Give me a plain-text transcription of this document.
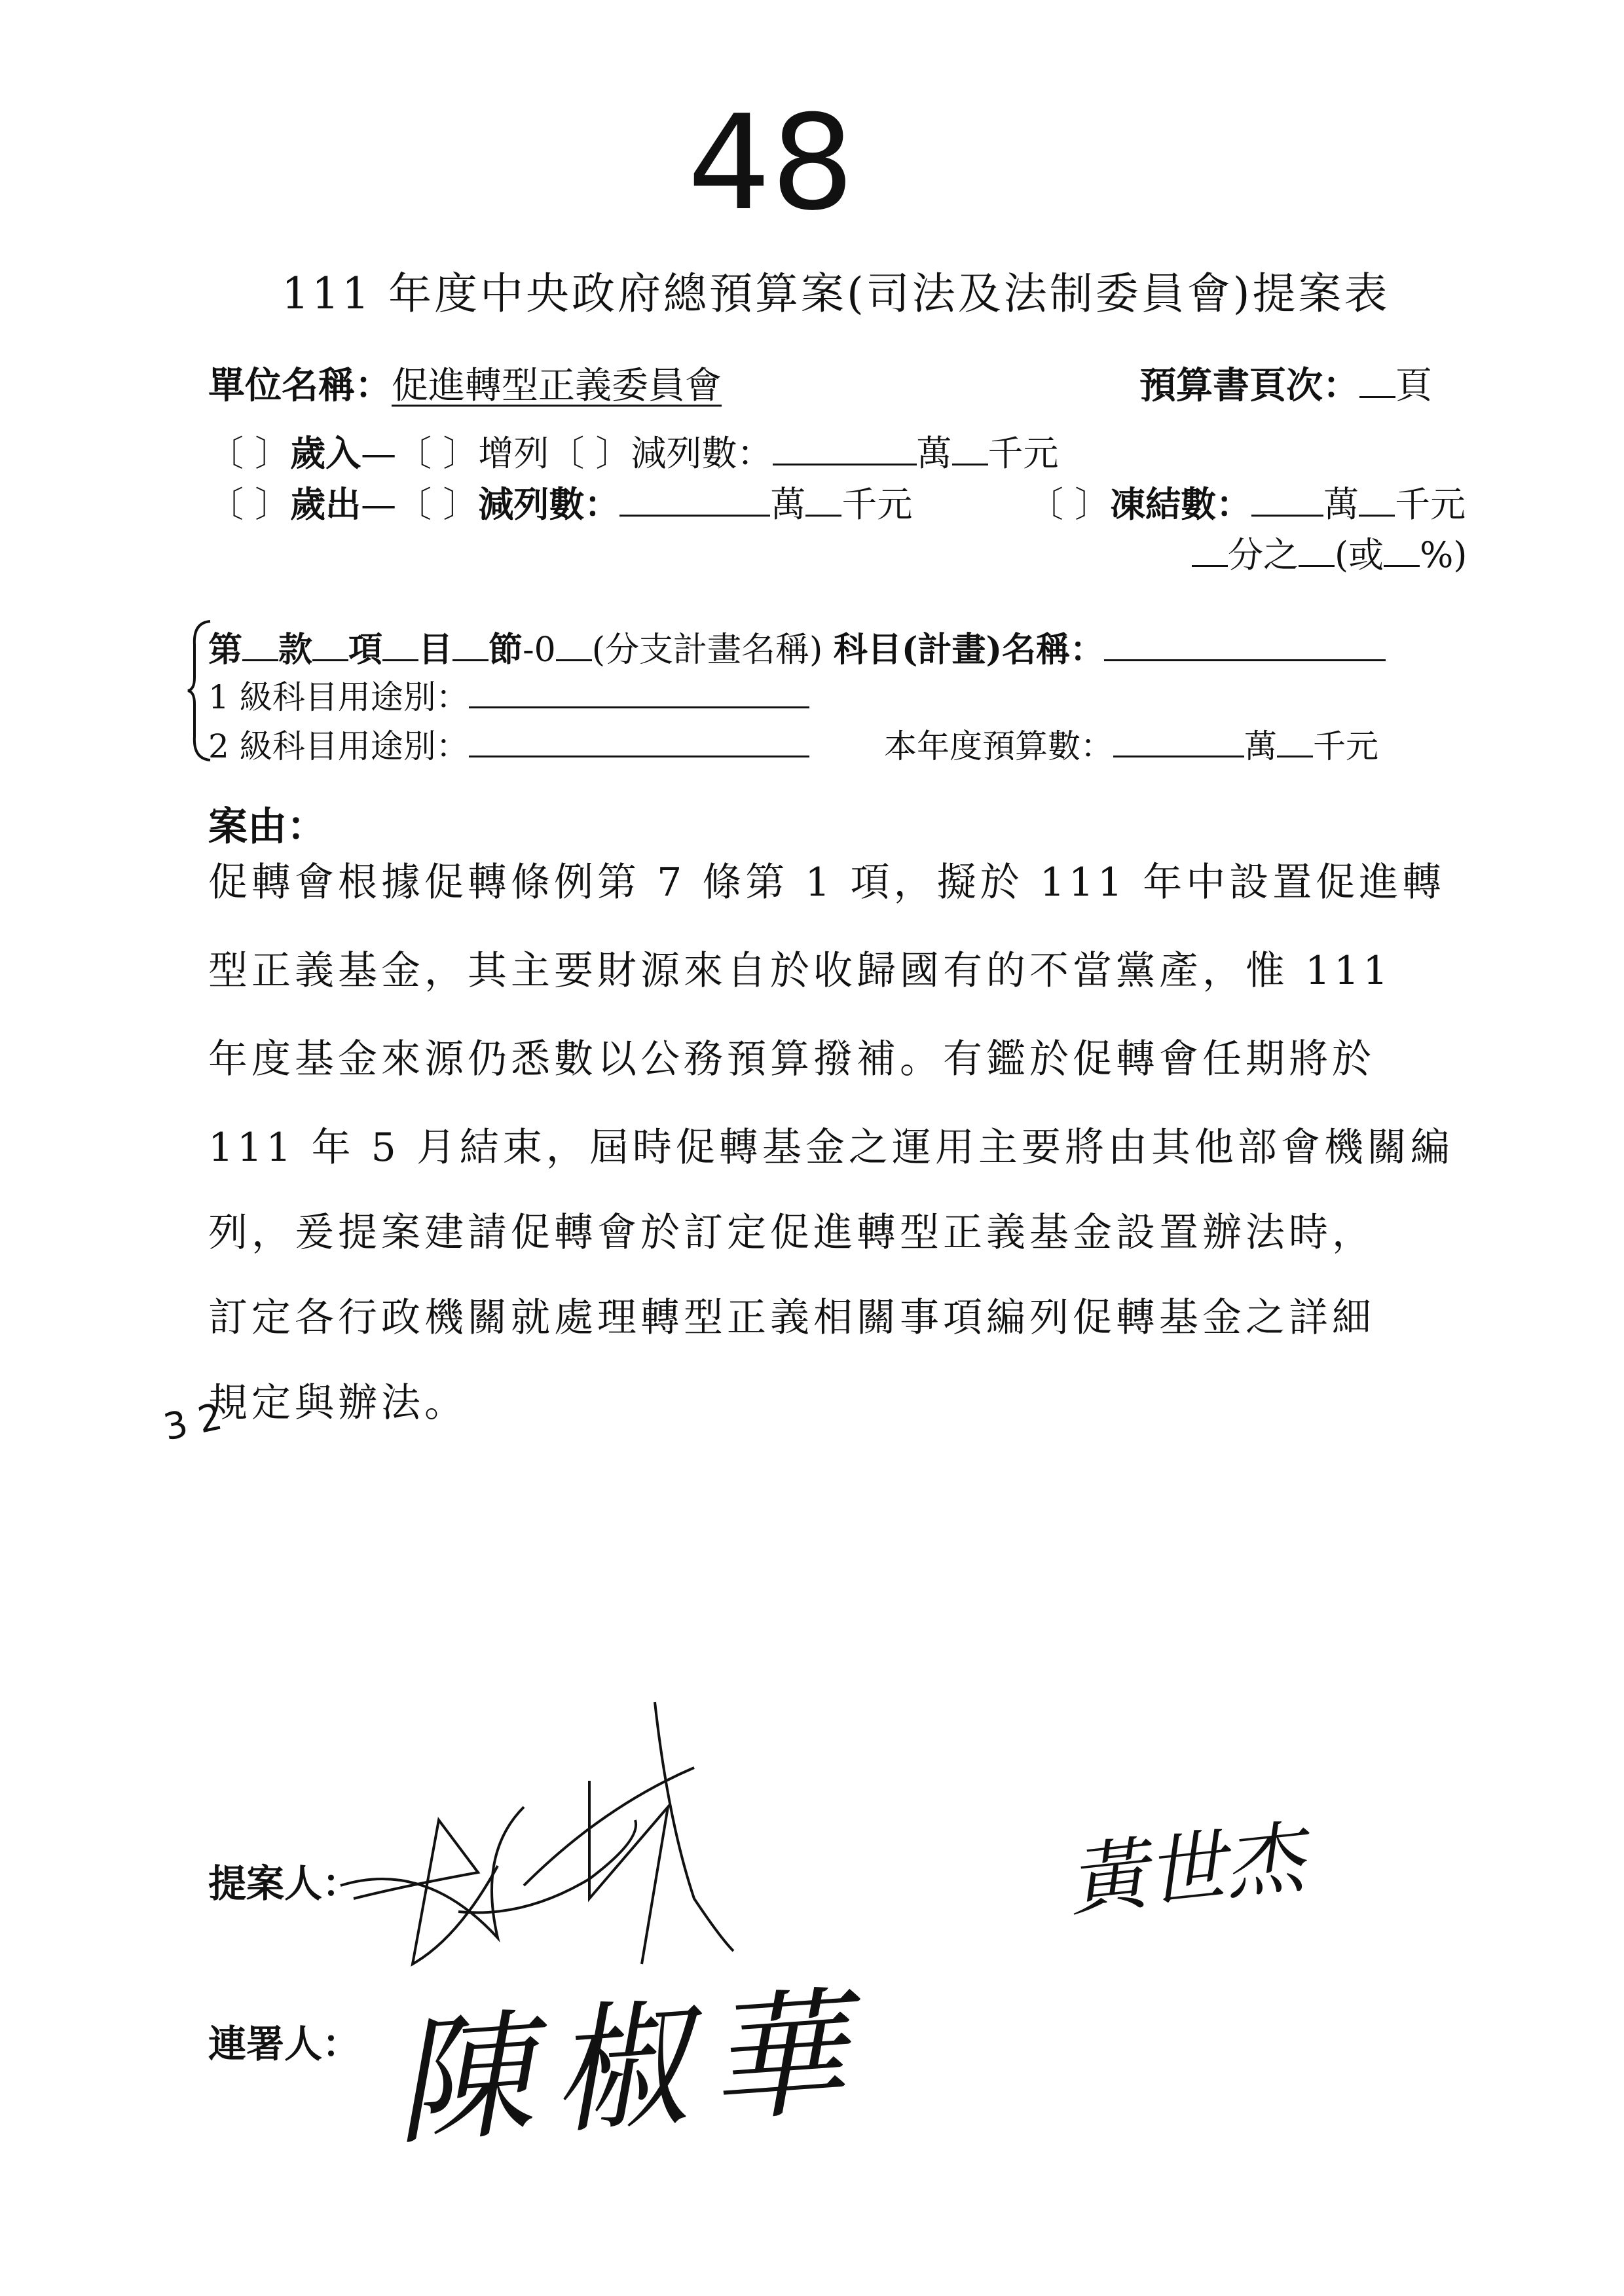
48
111 年度中央政府總預算案(司法及法制委員會)提案表
單位名稱：促進轉型正義委員會	預算書頁次： 頁
〔 〕歲入—〔 〕增列〔 〕減列數：	萬 千元
〔 〕歲出—〔 〕減列數：	萬 千元	〔 〕凍結數： 萬 千元
分之 (或 %)
第 款 項 目 節-0 (分支計畫名稱) 科目(計畫)名稱：
1 級科目用途別：
2 級科目用途別：	本年度預算數：	萬 千元
案由：
促轉會根據促轉條例第 7 條第 1 項，擬於 111 年中設置促進轉
型正義基金，其主要財源來自於收歸國有的不當黨產，惟 111
年度基金來源仍悉數以公務預算撥補。有鑑於促轉會任期將於
111 年 5 月結束，屆時促轉基金之運用主要將由其他部會機關編
列，爰提案建請促轉會於訂定促進轉型正義基金設置辦法時，
訂定各行政機關就處理轉型正義相關事項編列促轉基金之詳細
規定與辦法。
3 2
提案人：
連署人：
黃世杰
陳椒華
